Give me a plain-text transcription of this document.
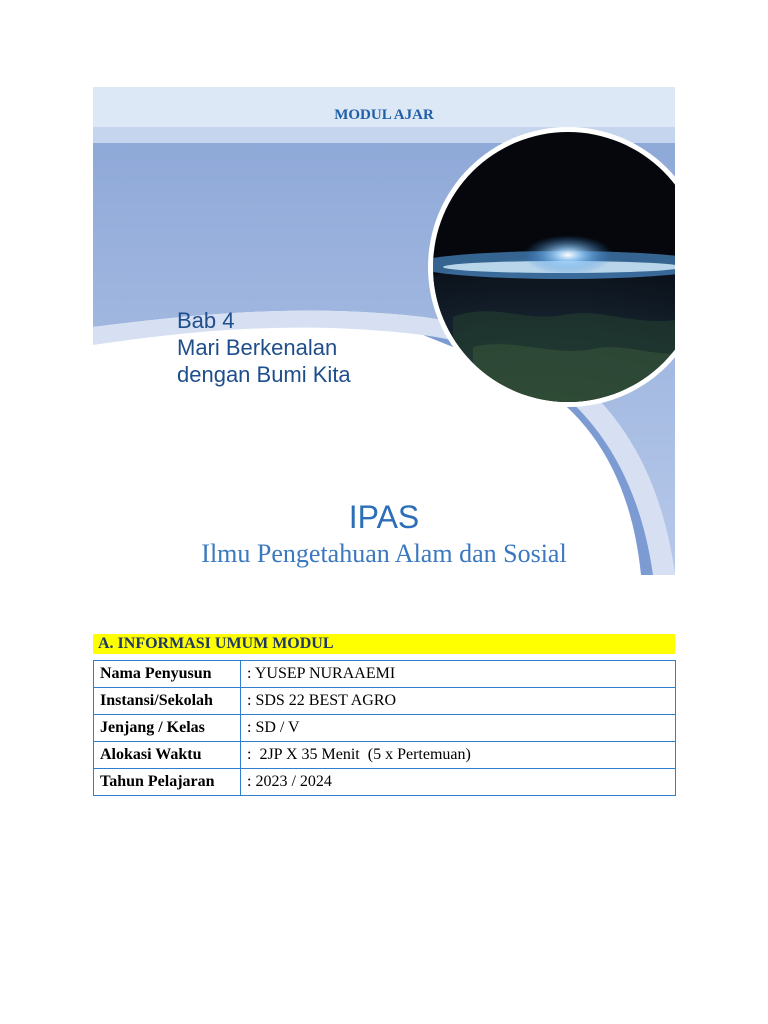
MODUL AJAR
Bab 4
Mari Berkenalan
dengan Bumi Kita
IPAS
Ilmu Pengetahuan Alam dan Sosial
A. INFORMASI UMUM MODUL
Nama Penyusun	: YUSEP NURAAEMI
Instansi/Sekolah	: SDS 22 BEST AGRO
Jenjang / Kelas	: SD / V
Alokasi Waktu	:  2JP X 35 Menit  (5 x Pertemuan)
Tahun Pelajaran	: 2023 / 2024
